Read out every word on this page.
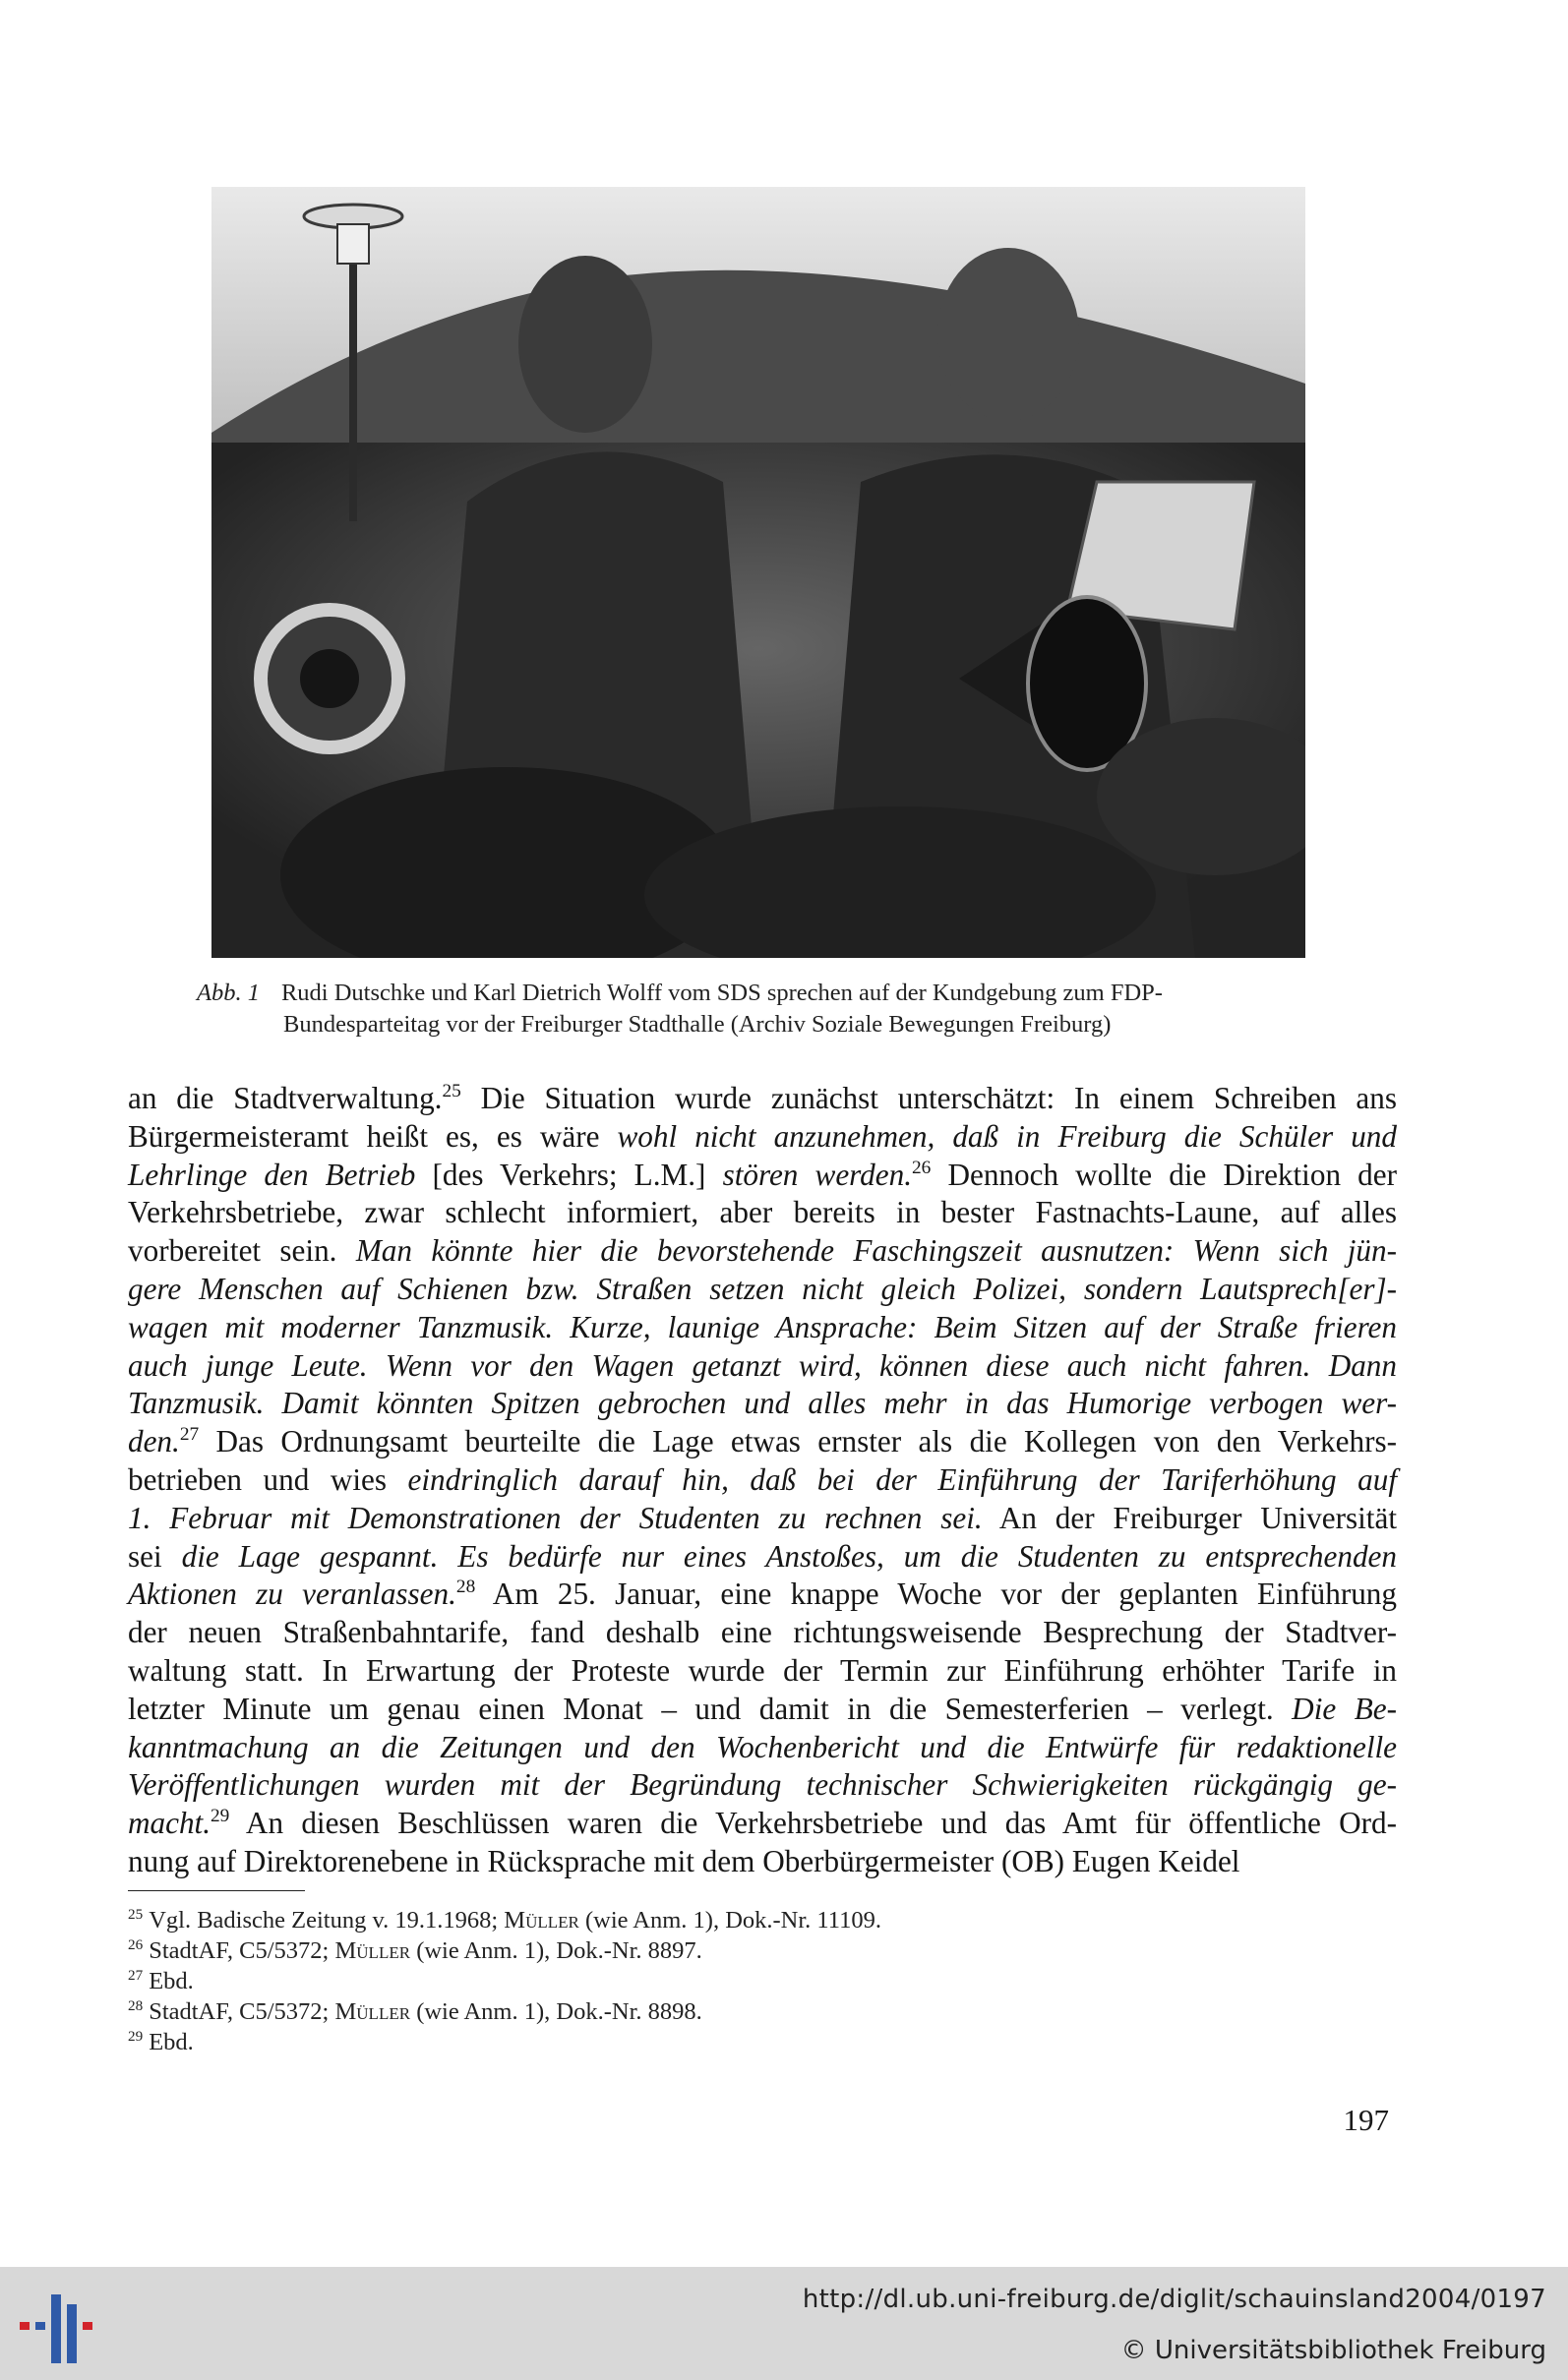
Abb. 1 Rudi Dutschke und Karl Dietrich Wolff vom SDS sprechen auf der Kundgebung zum FDP-
Bundesparteitag vor der Freiburger Stadthalle (Archiv Soziale Bewegungen Freiburg)
an die Stadtverwaltung.$^{25}$ Die Situation wurde zunächst unterschätzt: In einem Schreiben ans
Bürgermeisteramt heißt es, es wäre wohl nicht anzunehmen, daß in Freiburg die Schüler und
Lehrlinge den Betrieb [des Verkehrs; L.M.] stören werden.$^{26}$ Dennoch wollte die Direktion der
Verkehrsbetriebe, zwar schlecht informiert, aber bereits in bester Fastnachts-Laune, auf alles
vorbereitet sein. Man könnte hier die bevorstehende Faschingszeit ausnutzen: Wenn sich jün-
gere Menschen auf Schienen bzw. Straßen setzen nicht gleich Polizei, sondern Lautsprech[er]-
wagen mit moderner Tanzmusik. Kurze, launige Ansprache: Beim Sitzen auf der Straße frieren
auch junge Leute. Wenn vor den Wagen getanzt wird, können diese auch nicht fahren. Dann
Tanzmusik. Damit könnten Spitzen gebrochen und alles mehr in das Humorige verbogen wer-
den.$^{27}$ Das Ordnungsamt beurteilte die Lage etwas ernster als die Kollegen von den Verkehrs-
betrieben und wies eindringlich darauf hin, daß bei der Einführung der Tariferhöhung auf
1. Februar mit Demonstrationen der Studenten zu rechnen sei. An der Freiburger Universität
sei die Lage gespannt. Es bedürfe nur eines Anstoßes, um die Studenten zu entsprechenden
Aktionen zu veranlassen.$^{28}$ Am 25. Januar, eine knappe Woche vor der geplanten Einführung
der neuen Straßenbahntarife, fand deshalb eine richtungsweisende Besprechung der Stadtver-
waltung statt. In Erwartung der Proteste wurde der Termin zur Einführung erhöhter Tarife in
letzter Minute um genau einen Monat – und damit in die Semesterferien – verlegt. Die Be-
kanntmachung an die Zeitungen und den Wochenbericht und die Entwürfe für redaktionelle
Veröffentlichungen wurden mit der Begründung technischer Schwierigkeiten rückgängig ge-
macht.$^{29}$ An diesen Beschlüssen waren die Verkehrsbetriebe und das Amt für öffentliche Ord-
nung auf Direktorenebene in Rücksprache mit dem Oberbürgermeister (OB) Eugen Keidel
$^{25}$ Vgl. Badische Zeitung v. 19.1.1968; Müller (wie Anm. 1), Dok.-Nr. 11109.
$^{26}$ StadtAF, C5/5372; Müller (wie Anm. 1), Dok.-Nr. 8897.
$^{27}$ Ebd.
$^{28}$ StadtAF, C5/5372; Müller (wie Anm. 1), Dok.-Nr. 8898.
$^{29}$ Ebd.
197
http://dl.ub.uni-freiburg.de/diglit/schauinsland2004/0197
© Universitätsbibliothek Freiburg
